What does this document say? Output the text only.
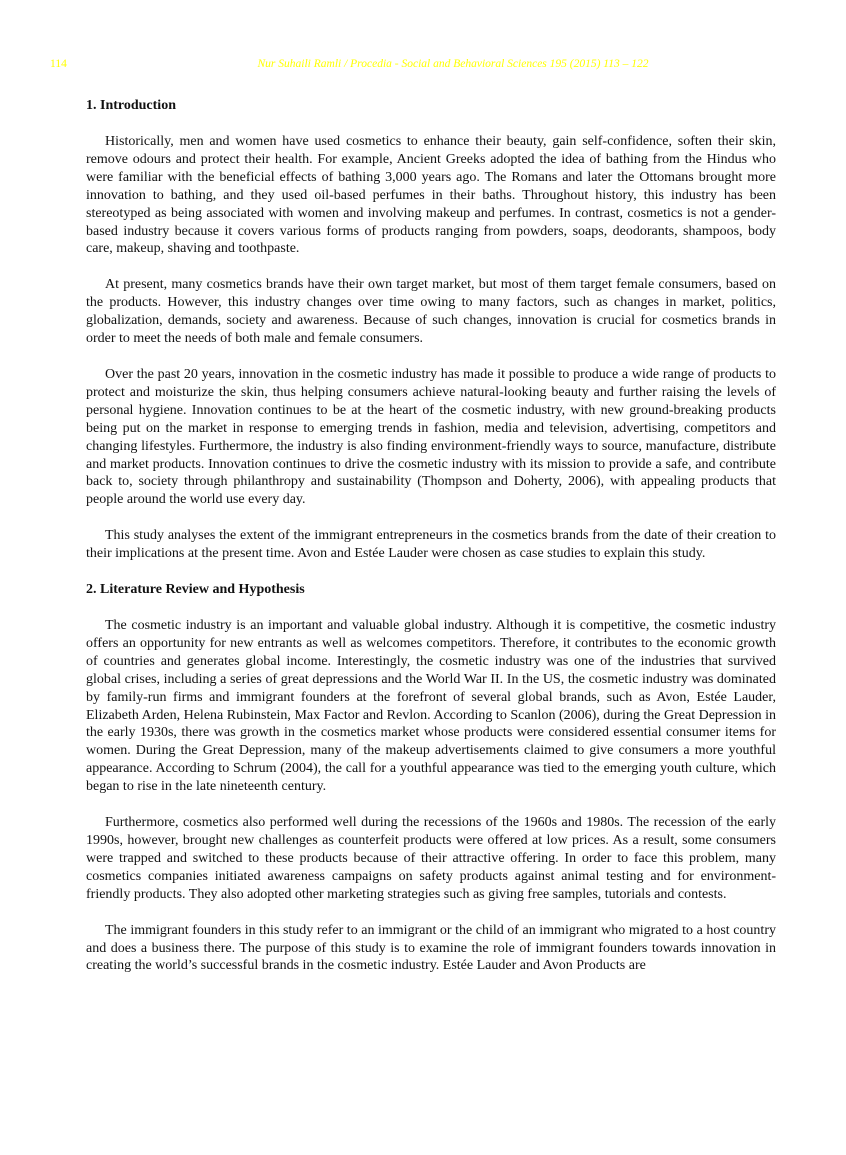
114	Nur Suhaili Ramli / Procedia - Social and Behavioral Sciences 195 (2015) 113 – 122
1. Introduction

Historically, men and women have used cosmetics to enhance their beauty, gain self-confidence, soften their skin, remove odours and protect their health. For example, Ancient Greeks adopted the idea of bathing from the Hindus who were familiar with the beneficial effects of bathing 3,000 years ago. The Romans and later the Ottomans brought more innovation to bathing, and they used oil-based perfumes in their baths. Throughout history, this industry has been stereotyped as being associated with women and involving makeup and perfumes. In contrast, cosmetics is not a gender-based industry because it covers various forms of products ranging from powders, soaps, deodorants, shampoos, body care, makeup, shaving and toothpaste.

At present, many cosmetics brands have their own target market, but most of them target female consumers, based on the products. However, this industry changes over time owing to many factors, such as changes in market, politics, globalization, demands, society and awareness. Because of such changes, innovation is crucial for cosmetics brands in order to meet the needs of both male and female consumers.

Over the past 20 years, innovation in the cosmetic industry has made it possible to produce a wide range of products to protect and moisturize the skin, thus helping consumers achieve natural-looking beauty and further raising the levels of personal hygiene. Innovation continues to be at the heart of the cosmetic industry, with new ground-breaking products being put on the market in response to emerging trends in fashion, media and television, advertising, competitors and changing lifestyles. Furthermore, the industry is also finding environment-friendly ways to source, manufacture, distribute and market products. Innovation continues to drive the cosmetic industry with its mission to provide a safe, and contribute back to, society through philanthropy and sustainability (Thompson and Doherty, 2006), with appealing products that people around the world use every day.

This study analyses the extent of the immigrant entrepreneurs in the cosmetics brands from the date of their creation to their implications at the present time. Avon and Estée Lauder were chosen as case studies to explain this study.

2. Literature Review and Hypothesis

The cosmetic industry is an important and valuable global industry. Although it is competitive, the cosmetic industry offers an opportunity for new entrants as well as welcomes competitors. Therefore, it contributes to the economic growth of countries and generates global income. Interestingly, the cosmetic industry was one of the industries that survived global crises, including a series of great depressions and the World War II. In the US, the cosmetic industry was dominated by family-run firms and immigrant founders at the forefront of several global brands, such as Avon, Estée Lauder, Elizabeth Arden, Helena Rubinstein, Max Factor and Revlon. According to Scanlon (2006), during the Great Depression in the early 1930s, there was growth in the cosmetics market whose products were considered essential consumer items for women. During the Great Depression, many of the makeup advertisements claimed to give consumers a more youthful appearance. According to Schrum (2004), the call for a youthful appearance was tied to the emerging youth culture, which began to rise in the late nineteenth century.

Furthermore, cosmetics also performed well during the recessions of the 1960s and 1980s. The recession of the early 1990s, however, brought new challenges as counterfeit products were offered at low prices. As a result, some consumers were trapped and switched to these products because of their attractive offering. In order to face this problem, many cosmetics companies initiated awareness campaigns on safety products against animal testing and for environment-friendly products. They also adopted other marketing strategies such as giving free samples, tutorials and contests.

The immigrant founders in this study refer to an immigrant or the child of an immigrant who migrated to a host country and does a business there. The purpose of this study is to examine the role of immigrant founders towards innovation in creating the world’s successful brands in the cosmetic industry. Estée Lauder and Avon Products are
